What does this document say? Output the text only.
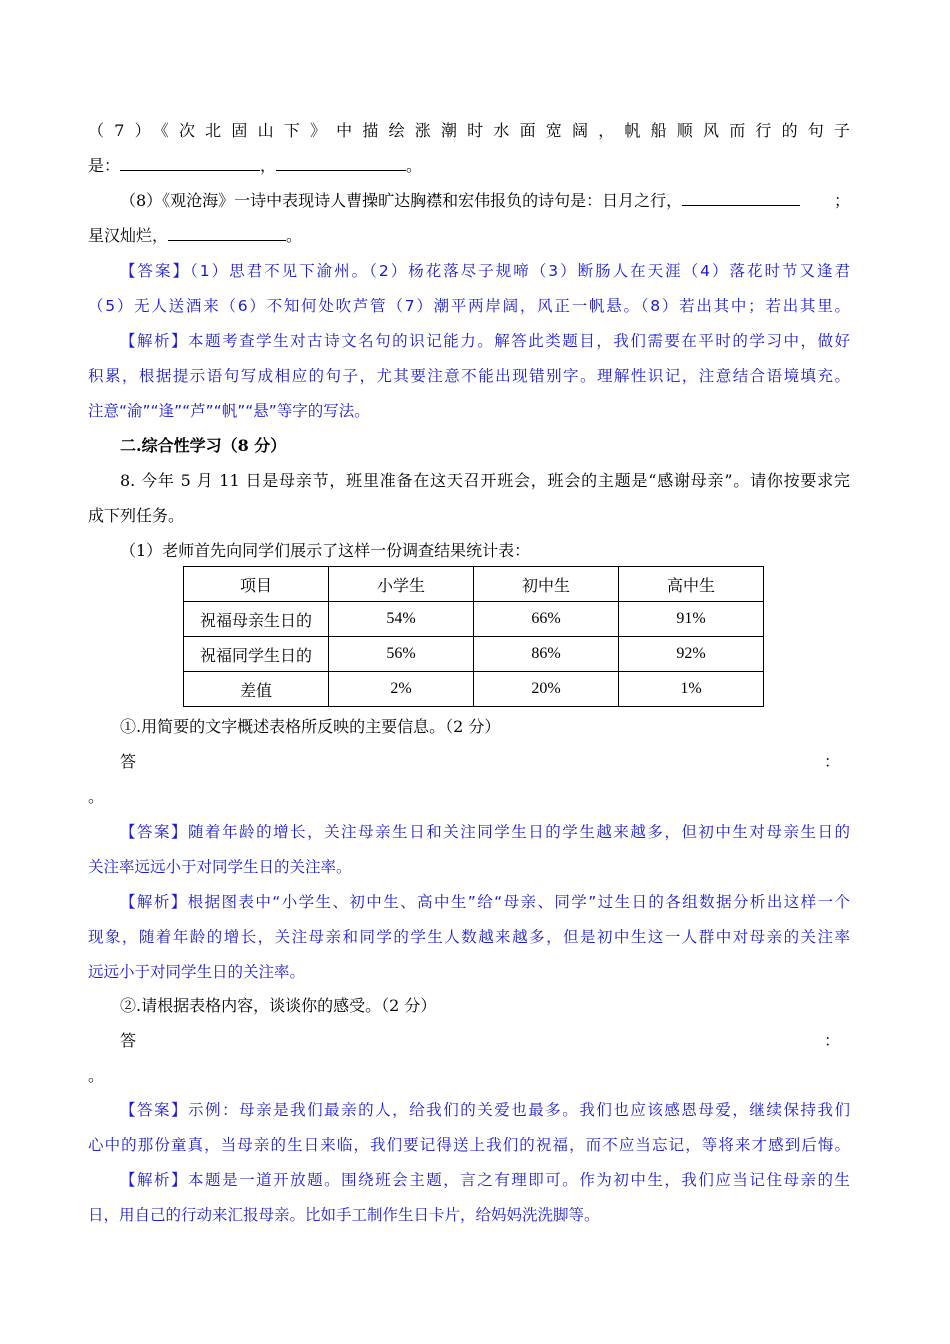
（7）《次北固山下》中描绘涨潮时水面宽阔，帆船顺风而行的句子
是：	，	。
（8）《观沧海》一诗中表现诗人曹操旷达胸襟和宏伟报负的诗句是：日月之行，	；
星汉灿烂，	。
【答案】（1）思君不见下渝州。（2）杨花落尽子规啼（3）断肠人在天涯（4）落花时节又逢君
（5）无人送酒来（6）不知何处吹芦管（7）潮平两岸阔，风正一帆悬。（8）若出其中；若出其里。
【解析】本题考查学生对古诗文名句的识记能力。解答此类题目，我们需要在平时的学习中，做好
积累，根据提示语句写成相应的句子，尤其要注意不能出现错别字。理解性识记，注意结合语境填充。
注意“渝”“逢”“芦”“帆”“悬”等字的写法。
二.综合性学习（8 分）
8. 今年 5 月 11 日是母亲节，班里准备在这天召开班会，班会的主题是“感谢母亲”。请你按要求完
成下列任务。
（1）老师首先向同学们展示了这样一份调查结果统计表：
项目	小学生	初中生	高中生
祝福母亲生日的	54%	66%	91%
祝福同学生日的	56%	86%	92%
差值	2%	20%	1%
①.用简要的文字概述表格所反映的主要信息。（2 分）
答	：
。
【答案】随着年龄的增长，关注母亲生日和关注同学生日的学生越来越多，但初中生对母亲生日的
关注率远远小于对同学生日的关注率。
【解析】根据图表中“小学生、初中生、高中生”给“母亲、同学”过生日的各组数据分析出这样一个
现象，随着年龄的增长，关注母亲和同学的学生人数越来越多，但是初中生这一人群中对母亲的关注率
远远小于对同学生日的关注率。
②.请根据表格内容，谈谈你的感受。（2 分）
答	：
。
【答案】示例：母亲是我们最亲的人，给我们的关爱也最多。我们也应该感恩母爱，继续保持我们
心中的那份童真，当母亲的生日来临，我们要记得送上我们的祝福，而不应当忘记，等将来才感到后悔。
【解析】本题是一道开放题。围绕班会主题，言之有理即可。作为初中生，我们应当记住母亲的生
日，用自己的行动来汇报母亲。比如手工制作生日卡片，给妈妈洗洗脚等。
